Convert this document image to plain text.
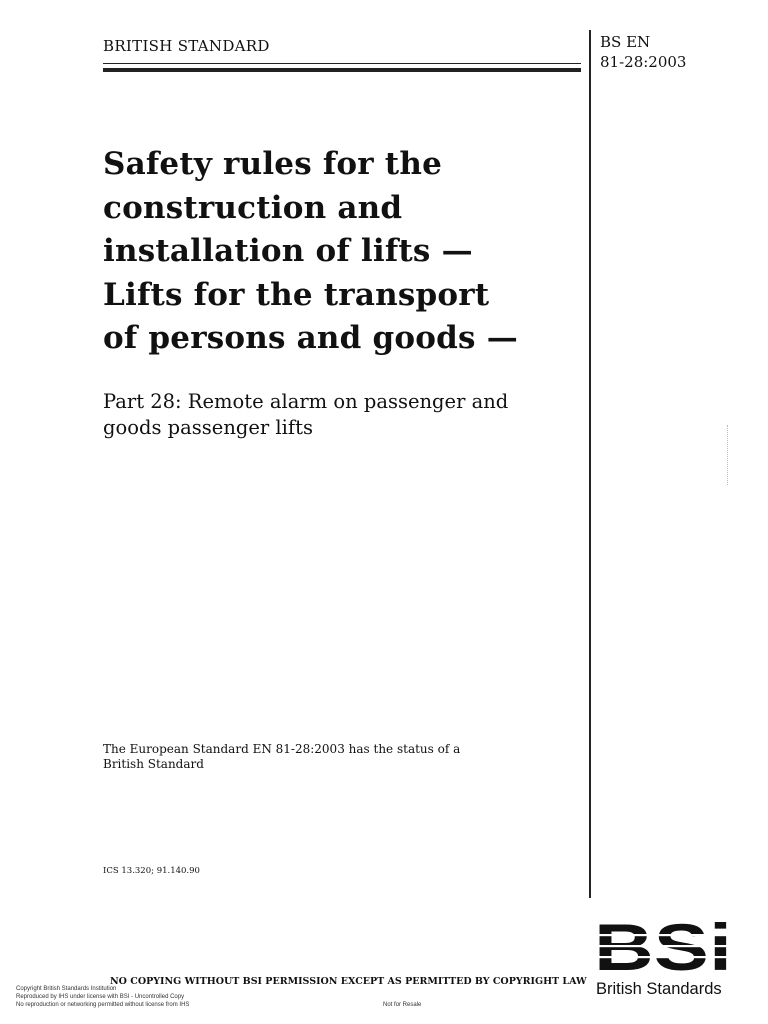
BRITISH STANDARD	BS EN
81-28:2003
Safety rules for the
construction and
installation of lifts —
Lifts for the transport
of persons and goods —
Part 28: Remote alarm on passenger and
goods passenger lifts
The European Standard EN 81-28:2003 has the status of a
British Standard
ICS 13.320; 91.140.90
NO COPYING WITHOUT BSI PERMISSION EXCEPT AS PERMITTED BY COPYRIGHT LAW
Copyright British Standards Institution
Reproduced by IHS under license with BSI - Uncontrolled Copy
No reproduction or networking permitted without license from IHS	Not for Resale
British Standards
